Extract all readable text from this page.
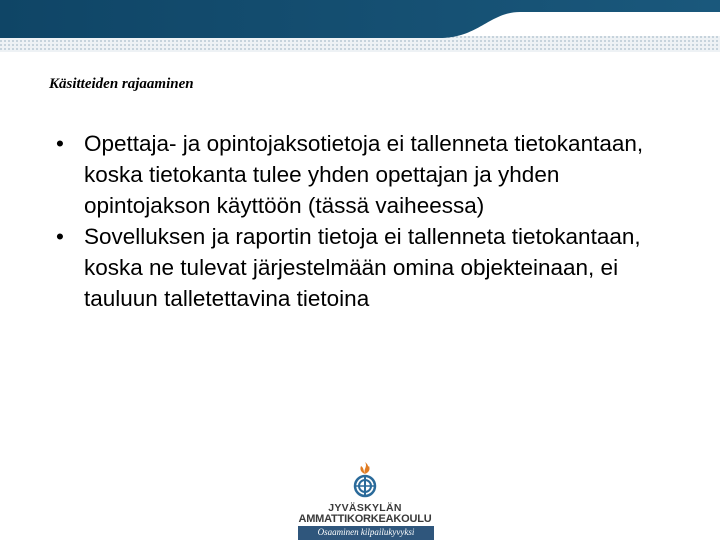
Käsitteiden rajaaminen
• Opettaja- ja opintojaksotietoja ei tallenneta tietokantaan, koska tietokanta tulee yhden opettajan ja yhden opintojakson käyttöön (tässä vaiheessa)
• Sovelluksen ja raportin tietoja ei tallenneta tietokantaan, koska ne tulevat järjestelmään omina objekteinaan, ei tauluun talletettavina tietoina
JYVÄSKYLÄN
AMMATTIKORKEAKOULU
Osaaminen kilpailukyvyksi
